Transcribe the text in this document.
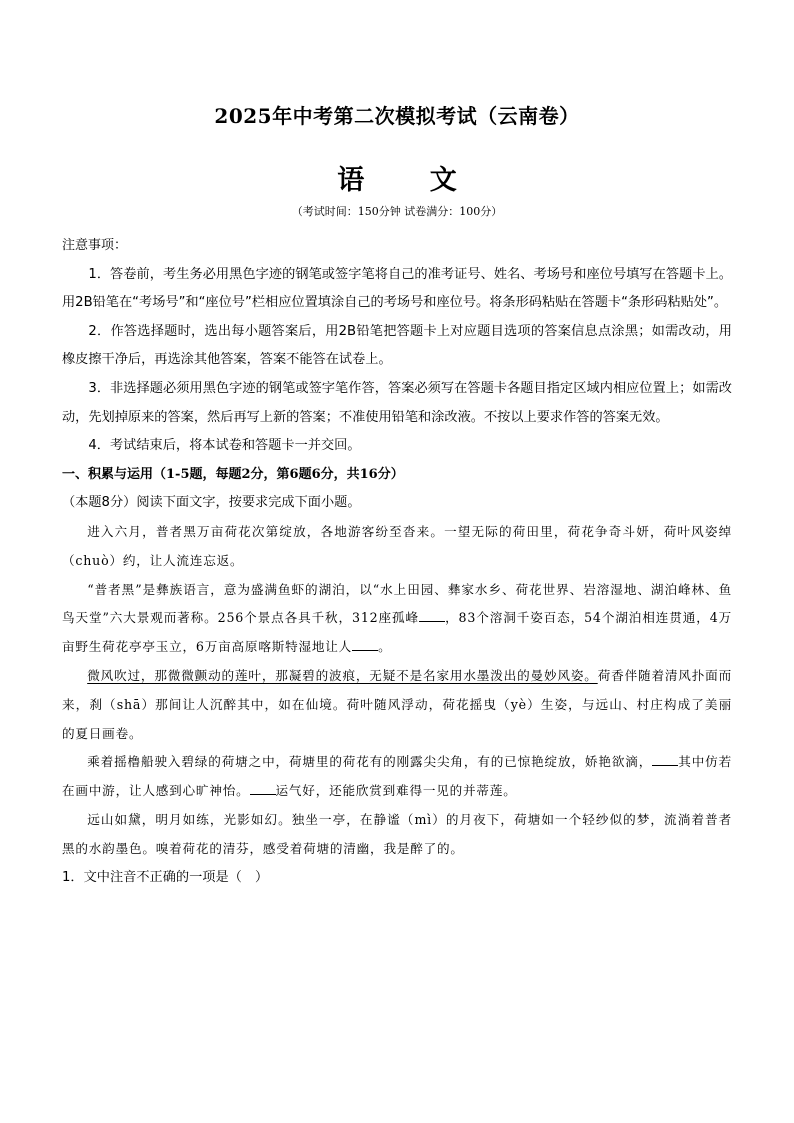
2025年中考第二次模拟考试（云南卷）
语 文
（考试时间：150分钟 试卷满分：100分）
注意事项：

1．答卷前，考生务必用黑色字迹的钢笔或签字笔将自己的准考证号、姓名、考场号和座位号填写在答题卡上。用2B铅笔在“考场号”和“座位号”栏相应位置填涂自己的考场号和座位号。将条形码粘贴在答题卡“条形码粘贴处”。

2．作答选择题时，选出每小题答案后，用2B铅笔把答题卡上对应题目选项的答案信息点涂黑；如需改动，用橡皮擦干净后，再选涂其他答案，答案不能答在试卷上。

3．非选择题必须用黑色字迹的钢笔或签字笔作答，答案必须写在答题卡各题目指定区域内相应位置上；如需改动，先划掉原来的答案，然后再写上新的答案；不准使用铅笔和涂改液。不按以上要求作答的答案无效。

4．考试结束后，将本试卷和答题卡一并交回。

一、积累与运用（1-5题，每题2分，第6题6分，共16分）

（本题8分）阅读下面文字，按要求完成下面小题。

进入六月，普者黑万亩荷花次第绽放，各地游客纷至沓来。一望无际的荷田里，荷花争奇斗妍，荷叶风姿绰（chuò）约，让人流连忘返。

“普者黑”是彝族语言，意为盛满鱼虾的湖泊，以“水上田园、彝家水乡、荷花世界、岩溶湿地、湖泊峰林、鱼鸟天堂”六大景观而著称。256个景点各具千秋，312座孤峰 ，83个溶洞千姿百态，54个湖泊相连贯通，4万亩野生荷花亭亭玉立，6万亩高原喀斯特湿地让人 。

微风吹过，那微微颤动的莲叶，那凝碧的波痕，无疑不是名家用水墨泼出的曼妙风姿。荷香伴随着清风扑面而来，刹（shā）那间让人沉醉其中，如在仙境。荷叶随风浮动，荷花摇曳（yè）生姿，与远山、村庄构成了美丽的夏日画卷。

乘着摇橹船驶入碧绿的荷塘之中，荷塘里的荷花有的刚露尖尖角，有的已惊艳绽放，娇艳欲滴， 其中仿若在画中游，让人感到心旷神怡。 运气好，还能欣赏到难得一见的并蒂莲。

远山如黛，明月如练，光影如幻。独坐一亭，在静谧（mì）的月夜下，荷塘如一个轻纱似的梦，流淌着普者黑的水韵墨色。嗅着荷花的清芬，感受着荷塘的清幽，我是醉了的。

1．文中注音不正确的一项是（　）
